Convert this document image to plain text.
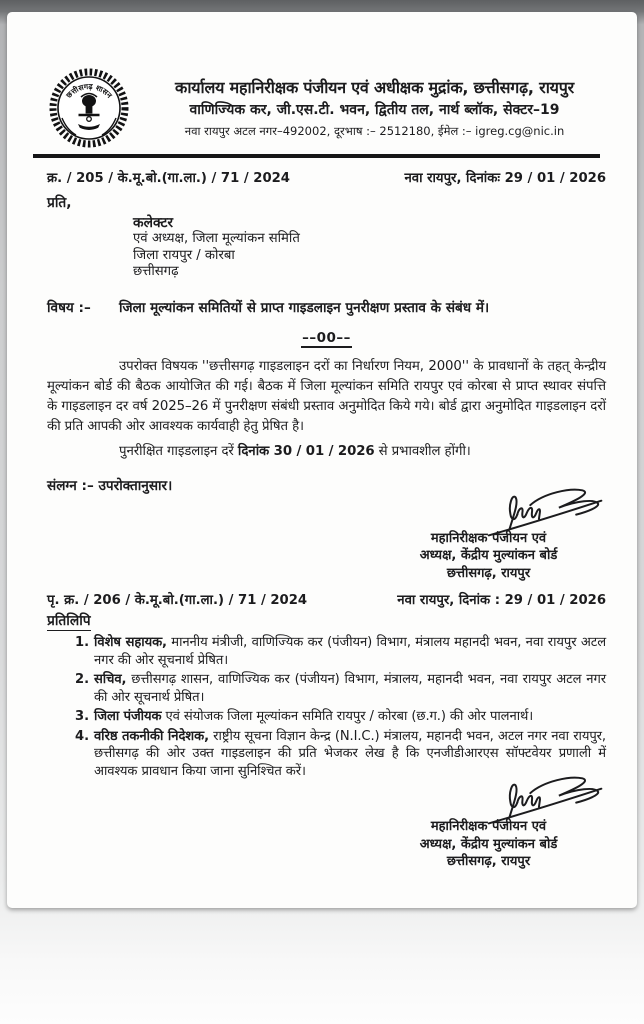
छत्तीसगढ़ शासन	कार्यालय महानिरीक्षक पंजीयन एवं अधीक्षक मुद्रांक, छत्तीसगढ़, रायपुर
वाणिज्यिक कर, जी.एस.टी. भवन, द्वितीय तल, नार्थ ब्लॉक, सेक्टर–19
नवा रायपुर अटल नगर–492002, दूरभाष :– 2512180, ईमेल :– igreg.cg@nic.in
क्र. / 205 / के.मू.बो.(गा.ला.) / 71 / 2024	नवा रायपुर, दिनांकः 29 / 01 / 2026
प्रति,
कलेक्टर
एवं अध्यक्ष, जिला मूल्यांकन समिति
जिला रायपुर / कोरबा
छत्तीसगढ़
विषय :–	जिला मूल्यांकन समितियों से प्राप्त गाइडलाइन पुनरीक्षण प्रस्ताव के संबंध में।
––00––

उपरोक्त विषयक ''छत्तीसगढ़ गाइडलाइन दरों का निर्धारण नियम, 2000'' के प्रावधानों के तहत् केन्द्रीय मूल्यांकन बोर्ड की बैठक आयोजित की गई। बैठक में जिला मूल्यांकन समिति रायपुर एवं कोरबा से प्राप्त स्थावर संपत्ति के गाइडलाइन दर वर्ष 2025–26 में पुनरीक्षण संबंधी प्रस्ताव अनुमोदित किये गये। बोर्ड द्वारा अनुमोदित गाइडलाइन दरों की प्रति आपकी ओर आवश्यक कार्यवाही हेतु प्रेषित है।

पुनरीक्षित गाइडलाइन दरें दिनांक 30 / 01 / 2026 से प्रभावशील होंगी।

संलग्न :– उपरोक्तानुसार।
महानिरीक्षक पंजीयन एवं
अध्यक्ष, केंद्रीय मुल्यांकन बोर्ड
छत्तीसगढ़, रायपुर
पृ. क्र. / 206 / के.मू.बो.(गा.ला.) / 71 / 2024	नवा रायपुर, दिनांक : 29 / 01 / 2026
प्रतिलिपि
1. विशेष सहायक, माननीय मंत्रीजी, वाणिज्यिक कर (पंजीयन) विभाग, मंत्रालय महानदी भवन, नवा रायपुर अटल नगर की ओर सूचनार्थ प्रेषित।
2. सचिव, छत्तीसगढ़ शासन, वाणिज्यिक कर (पंजीयन) विभाग, मंत्रालय, महानदी भवन, नवा रायपुर अटल नगर की ओर सूचनार्थ प्रेषित।
3. जिला पंजीयक एवं संयोजक जिला मूल्यांकन समिति रायपुर / कोरबा (छ.ग.) की ओर पालनार्थ।
4. वरिष्ठ तकनीकी निदेशक, राष्ट्रीय सूचना विज्ञान केन्द्र (N.I.C.) मंत्रालय, महानदी भवन, अटल नगर नवा रायपुर, छत्तीसगढ़ की ओर उक्त गाइडलाइन की प्रति भेजकर लेख है कि एनजीडीआरएस सॉफ्टवेयर प्रणाली में आवश्यक प्रावधान किया जाना सुनिश्चित करें।
महानिरीक्षक पंजीयन एवं
अध्यक्ष, केंद्रीय मुल्यांकन बोर्ड
छत्तीसगढ़, रायपुर
